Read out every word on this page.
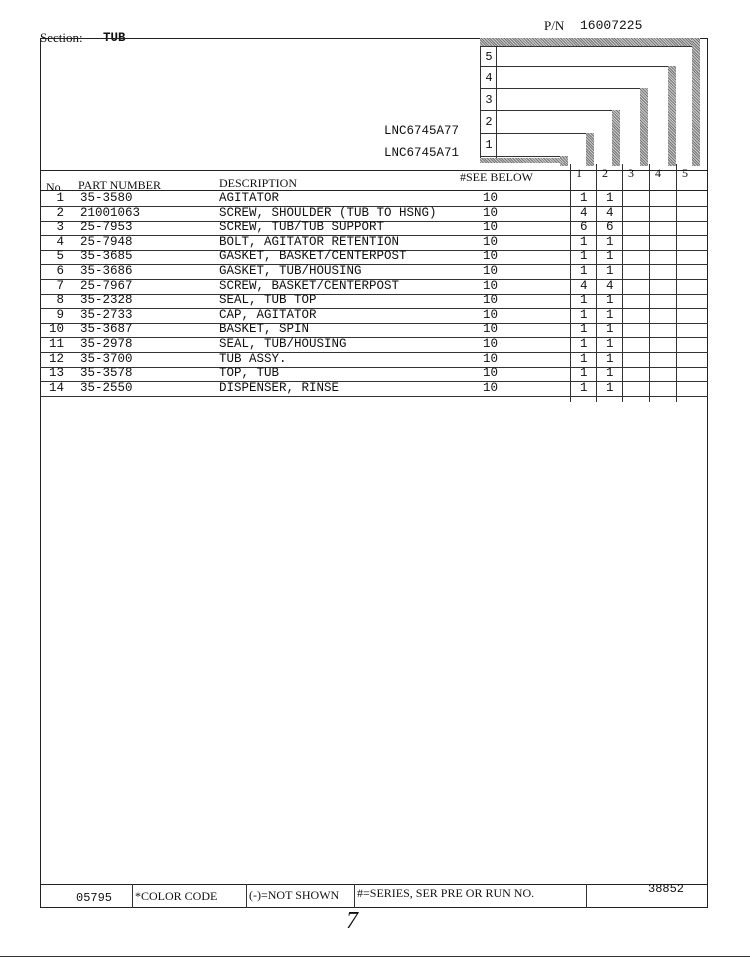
Section: TUB
P/N 16007225
5
4
3
2
1
LNC6745A77
LNC6745A71
No. PART NUMBER	DESCRIPTION	#SEE BELOW	1	2	3	4	5
1 35-3580	AGITATOR	10	1 1
2 21001063	SCREW, SHOULDER (TUB TO HSNG)	10	4 4
3 25-7953	SCREW, TUB/TUB SUPPORT	10	6 6
4 25-7948	BOLT, AGITATOR RETENTION	10	1 1
5 35-3685	GASKET, BASKET/CENTERPOST	10	1 1
6 35-3686	GASKET, TUB/HOUSING	10	1 1
7 25-7967	SCREW, BASKET/CENTERPOST	10	4 4
8 35-2328	SEAL, TUB TOP	10	1 1
9 35-2733	CAP, AGITATOR	10	1 1
10 35-3687	BASKET, SPIN	10	1 1
11 35-2978	SEAL, TUB/HOUSING	10	1 1
12 35-3700	TUB ASSY.	10	1 1
13 35-3578	TOP, TUB	10	1 1
14 35-2550	DISPENSER, RINSE	10	1 1
05795 *COLOR CODE	(-)=NOT SHOWN #=SERIES, SER PRE OR RUN NO.	38852
7
